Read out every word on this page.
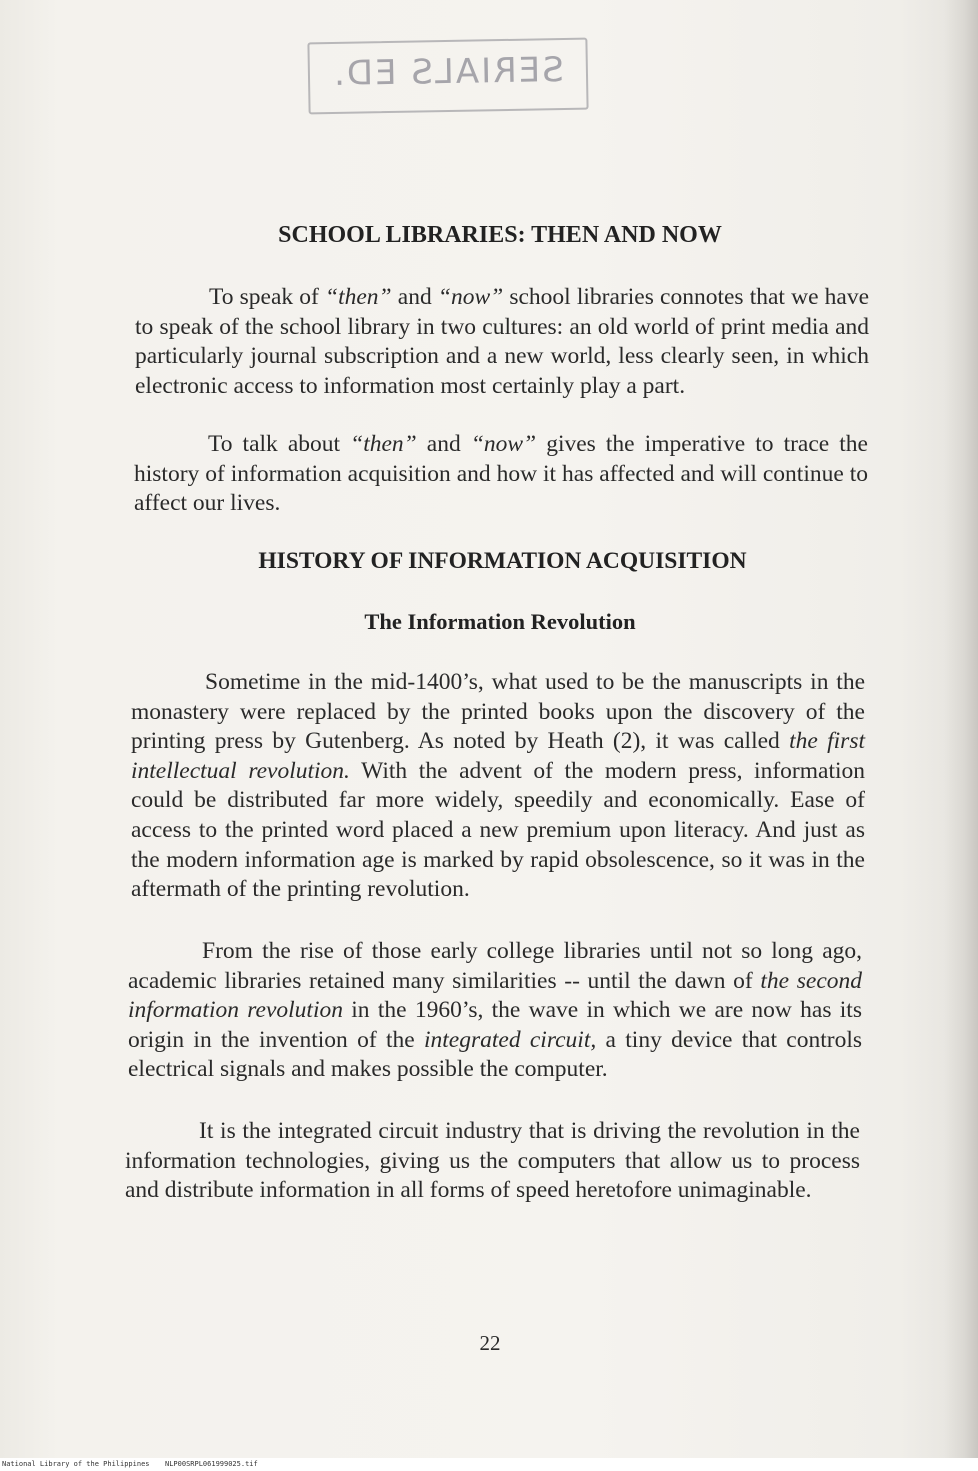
SERIALS ED.
SCHOOL LIBRARIES: THEN AND NOW

To speak of “then” and “now” school libraries connotes that we have to speak of the school library in two cultures: an old world of print media and particularly journal subscription and a new world, less clearly seen, in which electronic access to information most certainly play a part.

To talk about “then” and “now” gives the imperative to trace the history of information acquisition and how it has affected and will continue to affect our lives.

HISTORY OF INFORMATION ACQUISITION
The Information Revolution

Sometime in the mid-1400’s, what used to be the manuscripts in the monastery were replaced by the printed books upon the discovery of the printing press by Gutenberg. As noted by Heath (2), it was called the first intellectual revolution. With the advent of the modern press, information could be distributed far more widely, speedily and economically. Ease of access to the printed word placed a new premium upon literacy. And just as the modern information age is marked by rapid obsolescence, so it was in the aftermath of the printing revolution.

From the rise of those early college libraries until not so long ago, academic libraries retained many similarities -- until the dawn of the second information revolution in the 1960’s, the wave in which we are now has its origin in the invention of the integrated circuit, a tiny device that controls electrical signals and makes possible the computer.

It is the integrated circuit industry that is driving the revolution in the information technologies, giving us the computers that allow us to process and distribute information in all forms of speed heretofore unimaginable.

22
National Library of the Philippines NLP00SRPL061999025.tif
